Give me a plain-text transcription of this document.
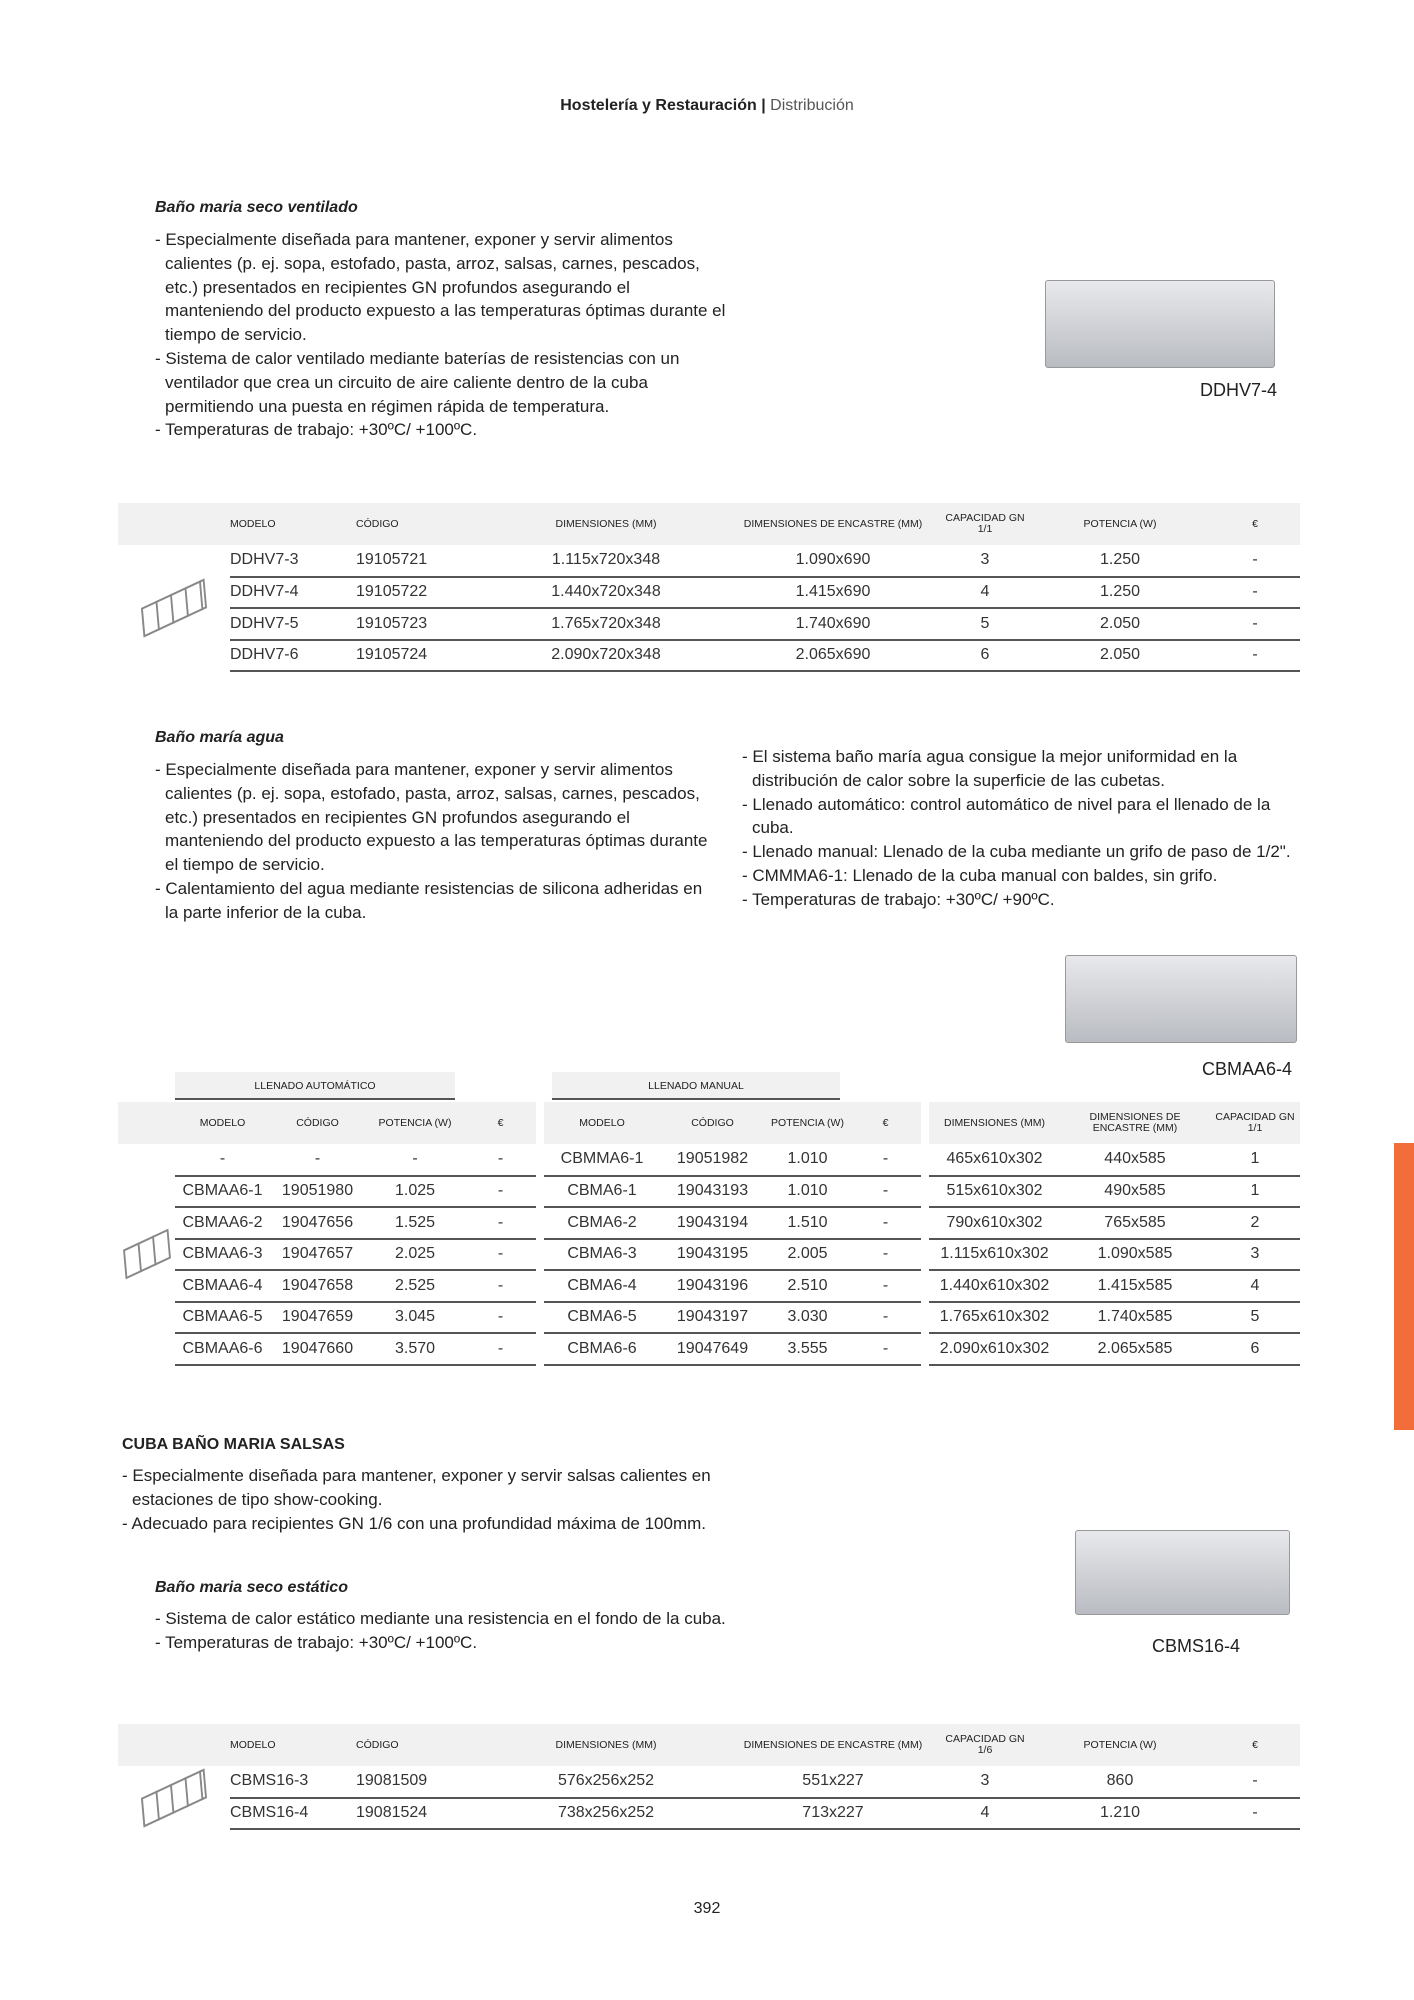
Hostelería y Restauración | Distribución
Baño maria seco ventilado
- Especialmente diseñada para mantener, exponer y servir alimentos calientes (p. ej. sopa, estofado, pasta, arroz, salsas, carnes, pescados, etc.) presentados en recipientes GN profundos asegurando el manteniendo del producto expuesto a las temperaturas óptimas durante el tiempo de servicio.
- Sistema de calor ventilado mediante baterías de resistencias con un ventilador que crea un circuito de aire caliente dentro de la cuba permitiendo una puesta en régimen rápida de temperatura.
- Temperaturas de trabajo: +30ºC/ +100ºC.
DDHV7-4
	MODELO	CÓDIGO	DIMENSIONES (MM)	DIMENSIONES DE ENCASTRE (MM)	CAPACIDAD GN 1/1	POTENCIA (W)	€

	DDHV7-3	19105721	1.115x720x348	1.090x690	3	1.250	-
	DDHV7-4	19105722	1.440x720x348	1.415x690	4	1.250	-
	DDHV7-5	19105723	1.765x720x348	1.740x690	5	2.050	-
	DDHV7-6	19105724	2.090x720x348	2.065x690	6	2.050	-
Baño maría agua
- Especialmente diseñada para mantener, exponer y servir alimentos calientes (p. ej. sopa, estofado, pasta, arroz, salsas, carnes, pescados, etc.) presentados en recipientes GN profundos asegurando el manteniendo del producto expuesto a las temperaturas óptimas durante el tiempo de servicio.
- Calentamiento del agua mediante resistencias de silicona adheridas en la parte inferior de la cuba.
- El sistema baño maría agua consigue la mejor uniformidad en la distribución de calor sobre la superficie de las cubetas.
- Llenado automático: control automático de nivel para el llenado de la cuba.
- Llenado manual: Llenado de la cuba mediante un grifo de paso de 1/2".
- CMMMA6-1: Llenado de la cuba manual con baldes, sin grifo.
- Temperaturas de trabajo: +30ºC/ +90ºC.
CBMAA6-4
LLENADO AUTOMÁTICO	LLENADO MANUAL
	MODELO	CÓDIGO	POTENCIA (W)	€	MODELO	CÓDIGO	POTENCIA (W)	€	DIMENSIONES (MM)	DIMENSIONES DE ENCASTRE (MM)	CAPACIDAD GN 1/1

	-	-	-	-	CBMMA6-1	19051982	1.010	-	465x610x302	440x585	1
	CBMAA6-1	19051980	1.025	-	CBMA6-1	19043193	1.010	-	515x610x302	490x585	1
	CBMAA6-2	19047656	1.525	-	CBMA6-2	19043194	1.510	-	790x610x302	765x585	2
	CBMAA6-3	19047657	2.025	-	CBMA6-3	19043195	2.005	-	1.115x610x302	1.090x585	3
	CBMAA6-4	19047658	2.525	-	CBMA6-4	19043196	2.510	-	1.440x610x302	1.415x585	4
	CBMAA6-5	19047659	3.045	-	CBMA6-5	19043197	3.030	-	1.765x610x302	1.740x585	5
	CBMAA6-6	19047660	3.570	-	CBMA6-6	19047649	3.555	-	2.090x610x302	2.065x585	6
CUBA BAÑO MARIA SALSAS
- Especialmente diseñada para mantener, exponer y servir salsas calientes en estaciones de tipo show-cooking.
- Adecuado para recipientes GN 1/6 con una profundidad máxima de 100mm.
Baño maria seco estático
- Sistema de calor estático mediante una resistencia en el fondo de la cuba.
- Temperaturas de trabajo: +30ºC/ +100ºC.	CBMS16-4
	MODELO	CÓDIGO	DIMENSIONES (MM)	DIMENSIONES DE ENCASTRE (MM)	CAPACIDAD GN 1/6	POTENCIA (W)	€

	CBMS16-3	19081509	576x256x252	551x227	3	860	-
	CBMS16-4	19081524	738x256x252	713x227	4	1.210	-
392
